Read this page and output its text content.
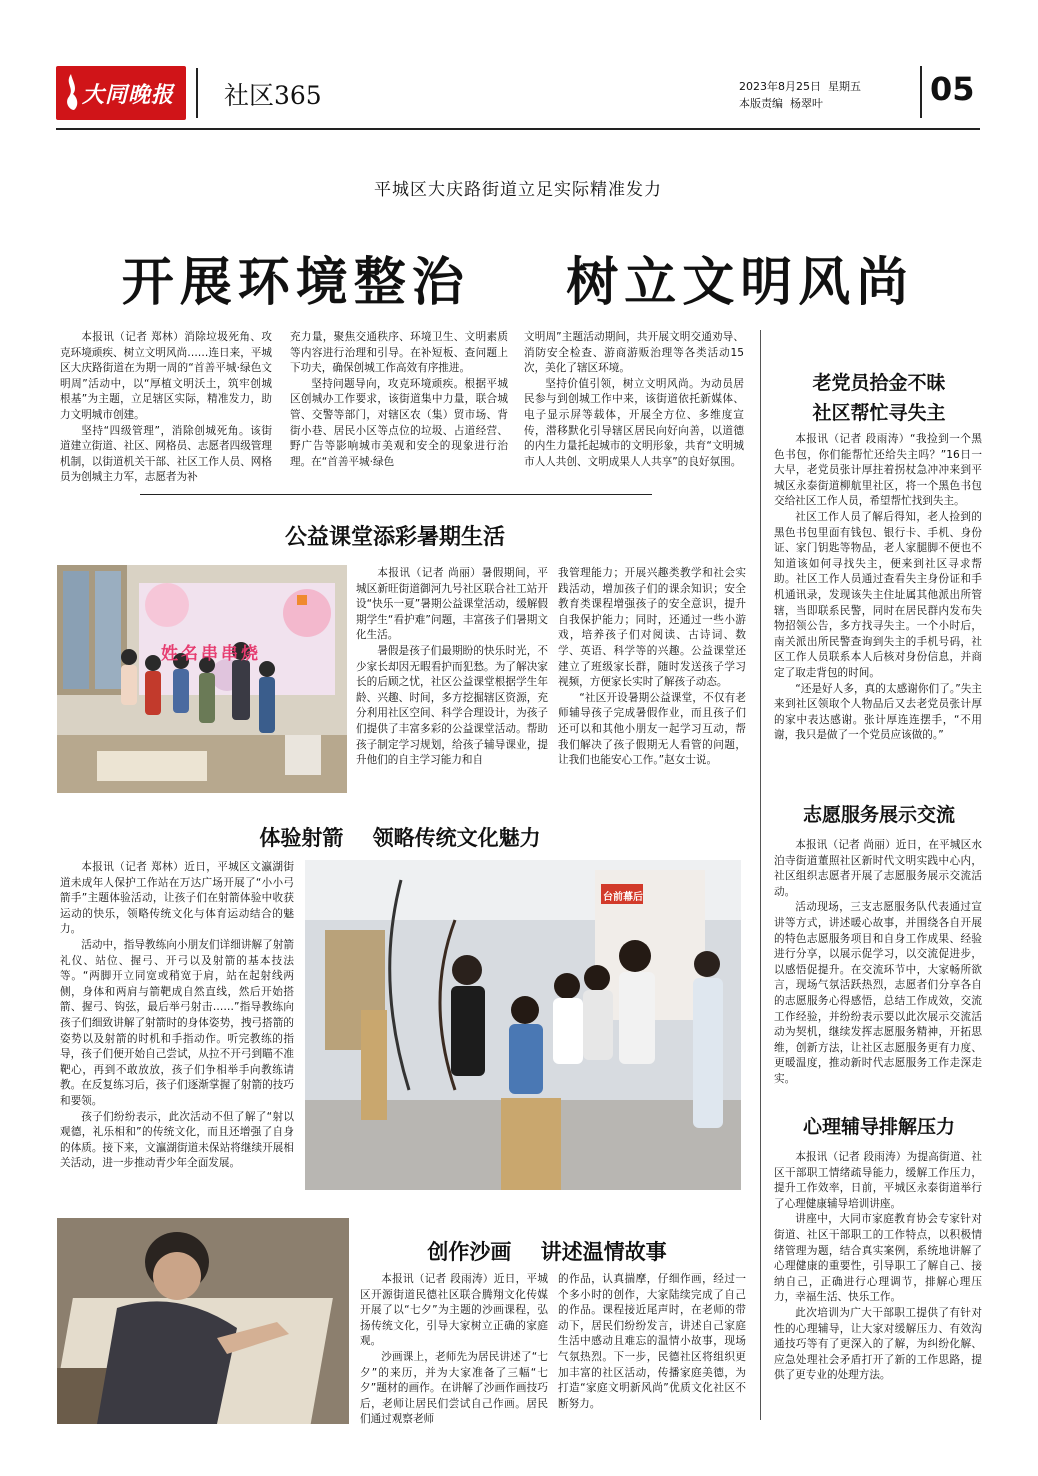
大同晚报	社区365	2023年8月25日  星期五
本版责编  杨翠叶	05
平城区大庆路街道立足实际精准发力
开展环境整治    树立文明风尚

本报讯（记者 郑林）消除垃圾死角、攻克环境顽疾、树立文明风尚……连日来，平城区大庆路街道在为期一周的“首善平城·绿色文明周”活动中，以“厚植文明沃土，筑牢创城根基”为主题，立足辖区实际，精准发力，助力文明城市创建。

坚持“四级管理”，消除创城死角。该街道建立街道、社区、网格员、志愿者四级管理机制，以街道机关干部、社区工作人员、网格员为创城主力军，志愿者为补

充力量，聚焦交通秩序、环境卫生、文明素质等内容进行治理和引导。在补短板、查问题上下功夫，确保创城工作高效有序推进。

坚持问题导向，攻克环境顽疾。根据平城区创城办工作要求，该街道集中力量，联合城管、交警等部门，对辖区农（集）贸市场、背街小巷、居民小区等点位的垃圾、占道经营、野广告等影响城市美观和安全的现象进行治理。在“首善平城·绿色

文明周”主题活动期间，共开展文明交通劝导、消防安全检查、游商游贩治理等各类活动15次，美化了辖区环境。

坚持价值引领，树立文明风尚。为动员居民参与到创城工作中来，该街道依托新媒体、电子显示屏等载体，开展全方位、多维度宣传，潜移默化引导辖区居民向好向善，以道德的内生力量托起城市的文明形象，共育“文明城市人人共创、文明成果人人共享”的良好氛围。

公益课堂添彩暑期生活
姓名串串烧

本报讯（记者 尚丽）暑假期间，平城区新旺街道御河九号社区联合社工站开设“快乐一夏”暑期公益课堂活动，缓解假期学生“看护难”问题，丰富孩子们暑期文化生活。

暑假是孩子们最期盼的快乐时光，不少家长却因无暇看护而犯愁。为了解决家长的后顾之忧，社区公益课堂根据学生年龄、兴趣、时间，多方挖掘辖区资源，充分利用社区空间、科学合理设计，为孩子们提供了丰富多彩的公益课堂活动。帮助孩子制定学习规划，给孩子辅导课业，提升他们的自主学习能力和自

我管理能力；开展兴趣类教学和社会实践活动，增加孩子们的课余知识；安全教育类课程增强孩子的安全意识，提升自我保护能力；同时，还通过一些小游戏，培养孩子们对阅读、古诗词、数学、英语、科学等的兴趣。公益课堂还建立了班级家长群，随时发送孩子学习视频，方便家长实时了解孩子动态。

“社区开设暑期公益课堂，不仅有老师辅导孩子完成暑假作业，而且孩子们还可以和其他小朋友一起学习互动，帮我们解决了孩子假期无人看管的问题，让我们也能安心工作。”赵女士说。

体验射箭    领略传统文化魅力

本报讯（记者 郑林）近日，平城区文瀛湖街道未成年人保护工作站在万达广场开展了“小小弓箭手”主题体验活动，让孩子们在射箭体验中收获运动的快乐，领略传统文化与体育运动结合的魅力。

活动中，指导教练向小朋友们详细讲解了射箭礼仪、站位、握弓、开弓以及射箭的基本技法等。“两脚开立同宽或稍宽于肩，站在起射线两侧，身体和两肩与箭靶成自然直线，然后开始搭箭、握弓、钩弦，最后举弓射击……”指导教练向孩子们细致讲解了射箭时的身体姿势，拽弓搭箭的姿势以及射箭的时机和手指动作。听完教练的指导，孩子们便开始自己尝试，从拉不开弓到瞄不准靶心，再到不敢放放，孩子们争相举手向教练请教。在反复练习后，孩子们逐渐掌握了射箭的技巧和要领。

孩子们纷纷表示，此次活动不但了解了“射以观德，礼乐相和”的传统文化，而且还增强了自身的体质。接下来，文瀛湖街道未保站将继续开展相关活动，进一步推动青少年全面发展。

台前幕后
创作沙画    讲述温情故事

本报讯（记者 段雨涛）近日，平城区开源街道民德社区联合腾翔文化传媒开展了以“七夕”为主题的沙画课程，弘扬传统文化，引导大家树立正确的家庭观。

沙画课上，老师先为居民讲述了“七夕”的来历，并为大家准备了三幅“七夕”题材的画作。在讲解了沙画作画技巧后，老师让居民们尝试自己作画。居民们通过观察老师

的作品，认真揣摩，仔细作画，经过一个多小时的创作，大家陆续完成了自己的作品。课程接近尾声时，在老师的带动下，居民们纷纷发言，讲述自己家庭生活中感动且难忘的温情小故事，现场气氛热烈。下一步，民德社区将组织更加丰富的社区活动，传播家庭美德，为打造“家庭文明新风尚”优质文化社区不断努力。

老党员拾金不昧
社区帮忙寻失主

本报讯（记者 段雨涛）“我捡到一个黑色书包，你们能帮忙还给失主吗？”16日一大早，老党员张计厚拄着拐杖急冲冲来到平城区永泰街道柳航里社区，将一个黑色书包交给社区工作人员，希望帮忙找到失主。

社区工作人员了解后得知，老人捡到的黑色书包里面有钱包、银行卡、手机、身份证、家门钥匙等物品，老人家腿脚不便也不知道该如何寻找失主，便来到社区寻求帮助。社区工作人员通过查看失主身份证和手机通讯录，发现该失主住址属其他派出所管辖，当即联系民警，同时在居民群内发布失物招领公告，多方找寻失主。一个小时后，南关派出所民警查询到失主的手机号码，社区工作人员联系本人后核对身份信息，并商定了取走背包的时间。

“还是好人多，真的太感谢你们了。”失主来到社区领取个人物品后又去老党员张计厚的家中表达感谢。张计厚连连摆手，“不用谢，我只是做了一个党员应该做的。”

志愿服务展示交流

本报讯（记者 尚丽）近日，在平城区水泊寺街道董照社区新时代文明实践中心内，社区组织志愿者开展了志愿服务展示交流活动。

活动现场，三支志愿服务队代表通过宣讲等方式，讲述暖心故事，并围绕各自开展的特色志愿服务项目和自身工作成果、经验进行分享，以展示促学习，以交流促进步，以感悟促提升。在交流环节中，大家畅所欲言，现场气氛活跃热烈，志愿者们分享各自的志愿服务心得感悟，总结工作成效，交流工作经验，并纷纷表示要以此次展示交流活动为契机，继续发挥志愿服务精神，开拓思维，创新方法，让社区志愿服务更有力度、更暖温度，推动新时代志愿服务工作走深走实。

心理辅导排解压力

本报讯（记者 段雨涛）为提高街道、社区干部职工情绪疏导能力，缓解工作压力，提升工作效率，日前，平城区永泰街道举行了心理健康辅导培训讲座。

讲座中，大同市家庭教育协会专家针对街道、社区干部职工的工作特点，以积极情绪管理为题，结合真实案例，系统地讲解了心理健康的重要性，引导职工了解自己、接纳自己，正确进行心理调节，排解心理压力，幸福生活、快乐工作。

此次培训为广大干部职工提供了有针对性的心理辅导，让大家对缓解压力、有效沟通技巧等有了更深入的了解，为纠纷化解、应急处理社会矛盾打开了新的工作思路，提供了更专业的处理方法。
